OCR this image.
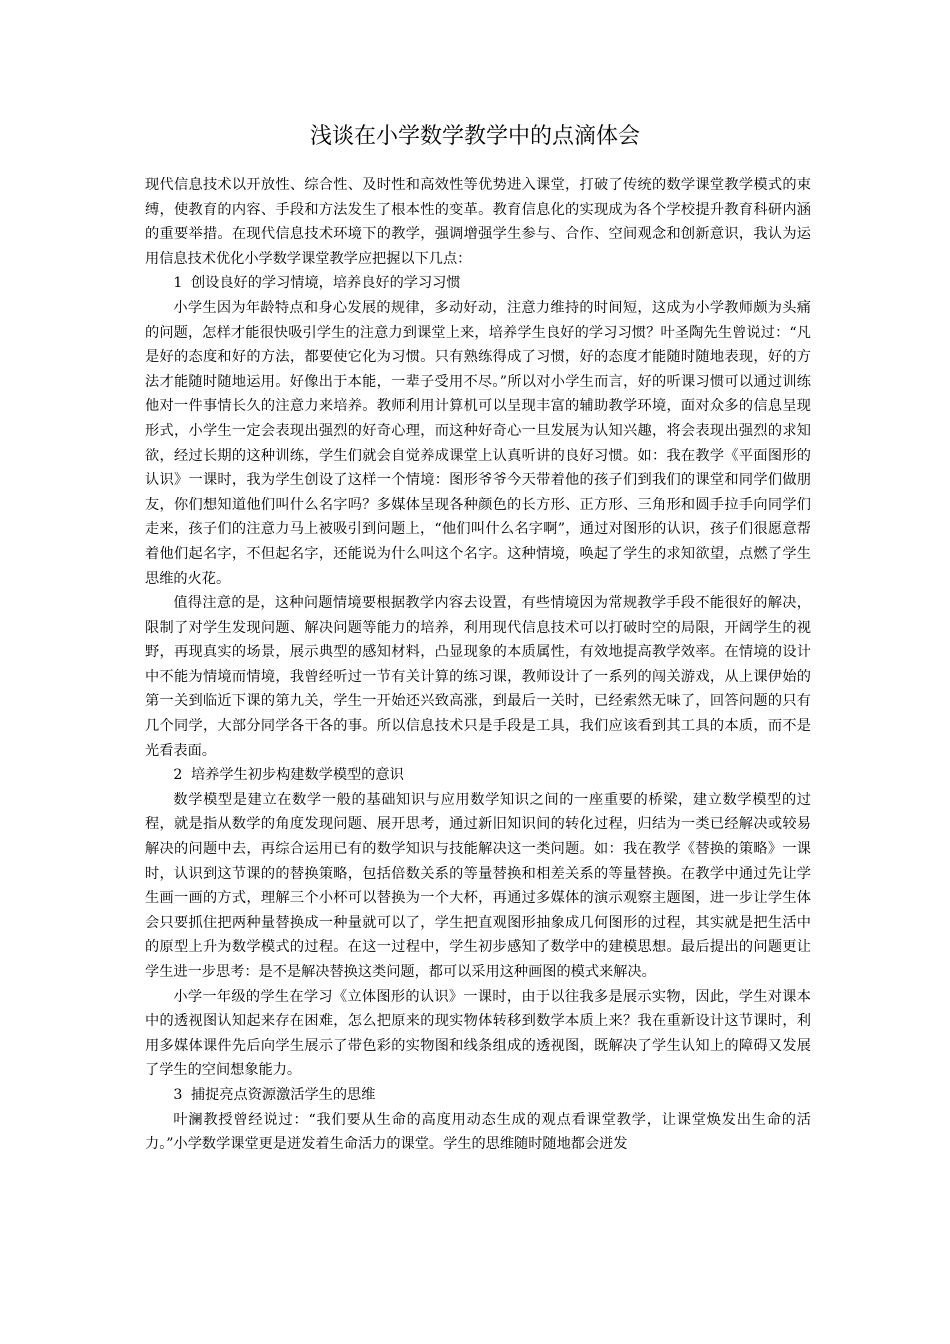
浅谈在小学数学教学中的点滴体会

现代信息技术以开放性、综合性、及时性和高效性等优势进入课堂，打破了传统的数学课堂教学模式的束缚，使教育的内容、手段和方法发生了根本性的变革。教育信息化的实现成为各个学校提升教育科研内涵的重要举措。在现代信息技术环境下的教学，强调增强学生参与、合作、空间观念和创新意识，我认为运用信息技术优化小学数学课堂教学应把握以下几点：

1 创设良好的学习情境，培养良好的学习习惯

小学生因为年龄特点和身心发展的规律，多动好动，注意力维持的时间短，这成为小学教师颇为头痛的问题，怎样才能很快吸引学生的注意力到课堂上来，培养学生良好的学习习惯？叶圣陶先生曾说过：“凡是好的态度和好的方法，都要使它化为习惯。只有熟练得成了习惯，好的态度才能随时随地表现，好的方法才能随时随地运用。好像出于本能，一辈子受用不尽。”所以对小学生而言，好的听课习惯可以通过训练他对一件事情长久的注意力来培养。教师利用计算机可以呈现丰富的辅助教学环境，面对众多的信息呈现形式，小学生一定会表现出强烈的好奇心理，而这种好奇心一旦发展为认知兴趣，将会表现出强烈的求知欲，经过长期的这种训练，学生们就会自觉养成课堂上认真听讲的良好习惯。如：我在教学《平面图形的认识》一课时，我为学生创设了这样一个情境：图形爷爷今天带着他的孩子们到我们的课堂和同学们做朋友，你们想知道他们叫什么名字吗？多媒体呈现各种颜色的长方形、正方形、三角形和圆手拉手向同学们走来，孩子们的注意力马上被吸引到问题上，“他们叫什么名字啊”，通过对图形的认识，孩子们很愿意帮着他们起名字，不但起名字，还能说为什么叫这个名字。这种情境，唤起了学生的求知欲望，点燃了学生思维的火花。

值得注意的是，这种问题情境要根据教学内容去设置，有些情境因为常规教学手段不能很好的解决，限制了对学生发现问题、解决问题等能力的培养，利用现代信息技术可以打破时空的局限，开阔学生的视野，再现真实的场景，展示典型的感知材料，凸显现象的本质属性，有效地提高教学效率。在情境的设计中不能为情境而情境，我曾经听过一节有关计算的练习课，教师设计了一系列的闯关游戏，从上课伊始的第一关到临近下课的第九关，学生一开始还兴致高涨，到最后一关时，已经索然无味了，回答问题的只有几个同学，大部分同学各干各的事。所以信息技术只是手段是工具，我们应该看到其工具的本质，而不是光看表面。

2 培养学生初步构建数学模型的意识

数学模型是建立在数学一般的基础知识与应用数学知识之间的一座重要的桥梁，建立数学模型的过程，就是指从数学的角度发现问题、展开思考，通过新旧知识间的转化过程，归结为一类已经解决或较易解决的问题中去，再综合运用已有的数学知识与技能解决这一类问题。如：我在教学《替换的策略》一课时，认识到这节课的的替换策略，包括倍数关系的等量替换和相差关系的等量替换。在教学中通过先让学生画一画的方式，理解三个小杯可以替换为一个大杯，再通过多媒体的演示观察主题图，进一步让学生体会只要抓住把两种量替换成一种量就可以了，学生把直观图形抽象成几何图形的过程，其实就是把生活中的原型上升为数学模式的过程。在这一过程中，学生初步感知了数学中的建模思想。最后提出的问题更让学生进一步思考：是不是解决替换这类问题，都可以采用这种画图的模式来解决。

小学一年级的学生在学习《立体图形的认识》一课时，由于以往我多是展示实物，因此，学生对课本中的透视图认知起来存在困难，怎么把原来的现实物体转移到数学本质上来？我在重新设计这节课时，利用多媒体课件先后向学生展示了带色彩的实物图和线条组成的透视图，既解决了学生认知上的障碍又发展了学生的空间想象能力。

3 捕捉亮点资源激活学生的思维

叶澜教授曾经说过：“我们要从生命的高度用动态生成的观点看课堂教学，让课堂焕发出生命的活力。”小学数学课堂更是迸发着生命活力的课堂。学生的思维随时随地都会迸发
